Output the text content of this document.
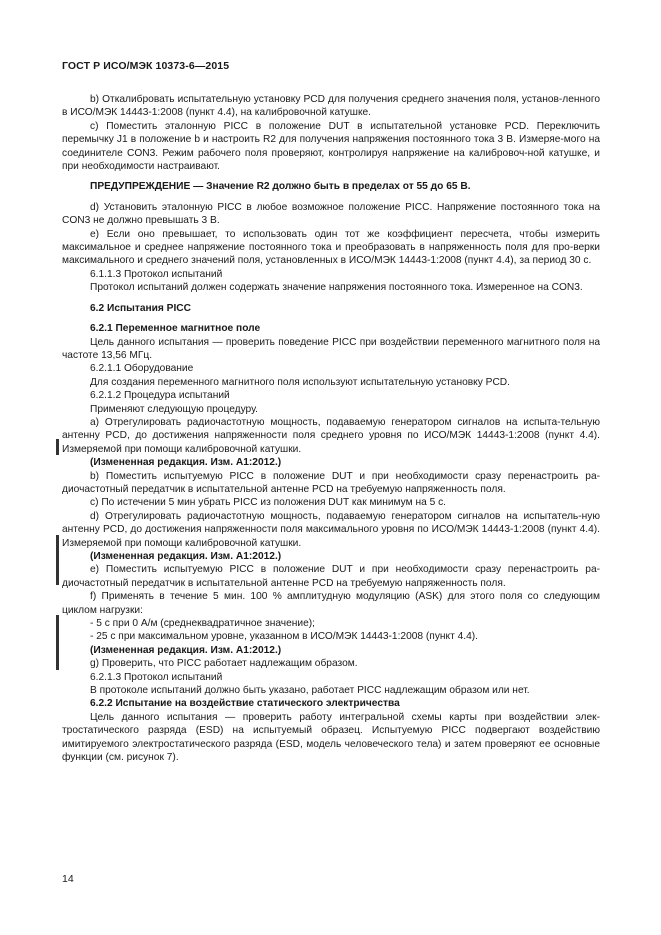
ГОСТ Р ИСО/МЭК 10373-6—2015

b) Откалибровать испытательную установку PCD для получения среднего значения поля, установ-ленного в ИСО/МЭК 14443-1:2008 (пункт 4.4), на калибровочной катушке.

c) Поместить эталонную PICC в положение DUT в испытательной установке PCD. Переключить перемычку J1 в положение b и настроить R2 для получения напряжения постоянного тока 3 В. Измеряе-мого на соединителе CON3. Режим рабочего поля проверяют, контролируя напряжение на калибровоч-ной катушке, и при необходимости настраивают.

ПРЕДУПРЕЖДЕНИЕ — Значение R2 должно быть в пределах от 55 до 65 В.

d) Установить эталонную PICC в любое возможное положение PICC. Напряжение постоянного тока на CON3 не должно превышать 3 В.

e) Если оно превышает, то использовать один тот же коэффициент пересчета, чтобы измерить максимальное и среднее напряжение постоянного тока и преобразовать в напряженность поля для про-верки максимального и среднего значений поля, установленных в ИСО/МЭК 14443-1:2008 (пункт 4.4), за период 30 с.

6.1.1.3 Протокол испытаний

Протокол испытаний должен содержать значение напряжения постоянного тока. Измеренное на CON3.

6.2 Испытания PICC

6.2.1 Переменное магнитное поле

Цель данного испытания — проверить поведение PICC при воздействии переменного магнитного поля на частоте 13,56 МГц.

6.2.1.1 Оборудование

Для создания переменного магнитного поля используют испытательную установку PCD.

6.2.1.2 Процедура испытаний

Применяют следующую процедуру.

a) Отрегулировать радиочастотную мощность, подаваемую генератором сигналов на испыта-тельную антенну PCD, до достижения напряженности поля среднего уровня по ИСО/МЭК 14443-1:2008 (пункт 4.4). Измеряемой при помощи калибровочной катушки.

(Измененная редакция. Изм. A1:2012.)

b) Поместить испытуемую PICC в положение DUT и при необходимости сразу перенастроить ра-диочастотный передатчик в испытательной антенне PCD на требуемую напряженность поля.

c) По истечении 5 мин убрать PICC из положения DUT как минимум на 5 с.

d) Отрегулировать радиочастотную мощность, подаваемую генератором сигналов на испытатель-ную антенну PCD, до достижения напряженности поля максимального уровня по ИСО/МЭК 14443-1:2008 (пункт 4.4). Измеряемой при помощи калибровочной катушки.

(Измененная редакция. Изм. A1:2012.)

e) Поместить испытуемую PICC в положение DUT и при необходимости сразу перенастроить ра-диочастотный передатчик в испытательной антенне PCD на требуемую напряженность поля.

f) Применять в течение 5 мин. 100 % амплитудную модуляцию (ASK) для этого поля со следующим циклом нагрузки:

- 5 с при 0 А/м (среднеквадратичное значение);

- 25 с при максимальном уровне, указанном в ИСО/МЭК 14443-1:2008 (пункт 4.4).

(Измененная редакция. Изм. A1:2012.)

g) Проверить, что PICC работает надлежащим образом.

6.2.1.3 Протокол испытаний

В протоколе испытаний должно быть указано, работает PICC надлежащим образом или нет.

6.2.2 Испытание на воздействие статического электричества

Цель данного испытания — проверить работу интегральной схемы карты при воздействии элек-тростатического разряда (ESD) на испытуемый образец. Испытуемую PICC подвергают воздействию имитируемого электростатического разряда (ESD, модель человеческого тела) и затем проверяют ее основные функции (см. рисунок 7).

14
